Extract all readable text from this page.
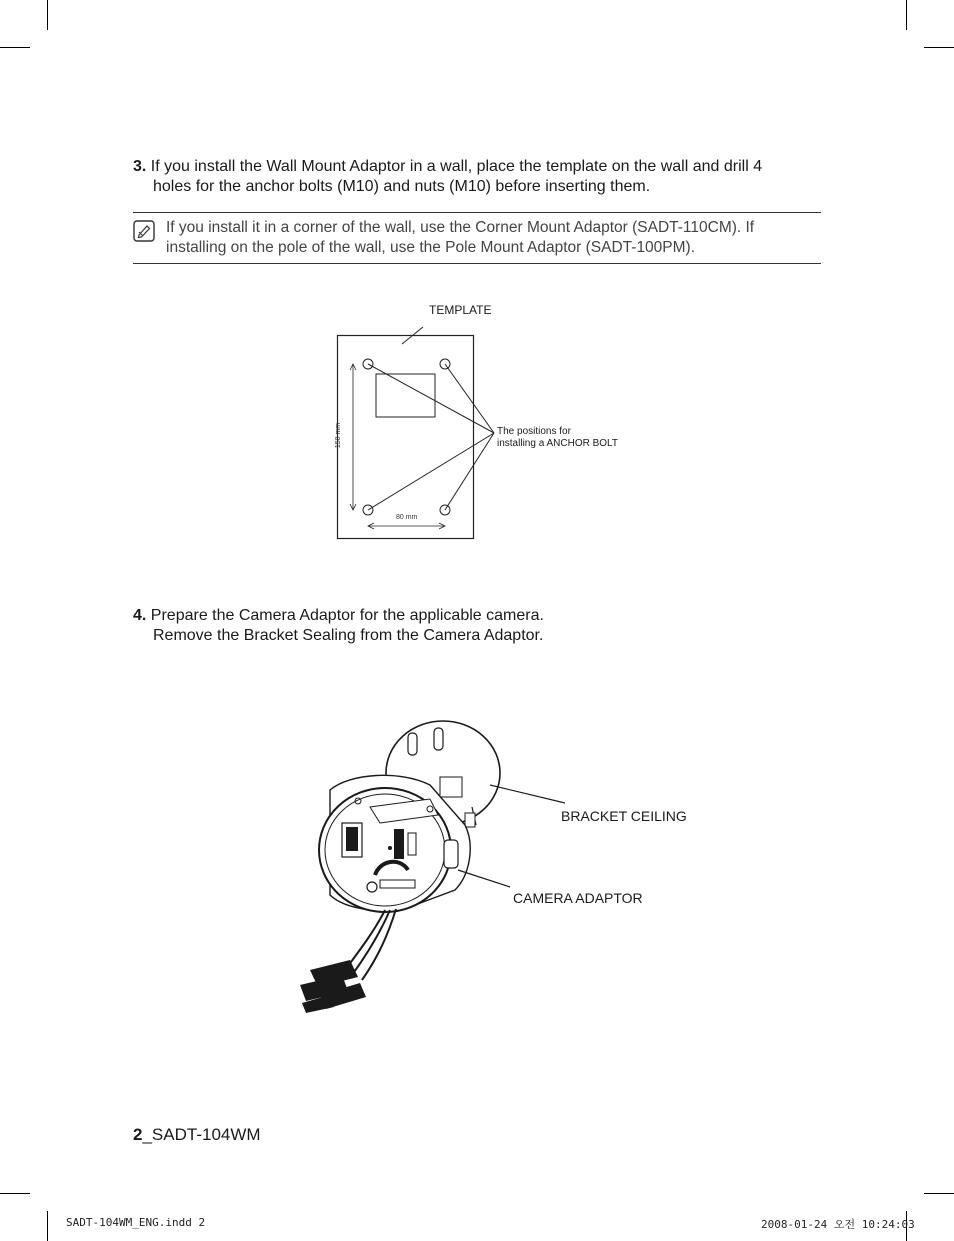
3. If you install the Wall Mount Adaptor in a wall, place the template on the wall and drill 4
holes for the anchor bolts (M10) and nuts (M10) before inserting them.
If you install it in a corner of the wall, use the Corner Mount Adaptor (SADT-110CM). If
installing on the pole of the wall, use the Pole Mount Adaptor (SADT-100PM).
TEMPLATE
The positions for
installing a ANCHOR BOLT
150 mm
80 mm
4. Prepare the Camera Adaptor for the applicable camera.
Remove the Bracket Sealing from the Camera Adaptor.
BRACKET CEILING
CAMERA ADAPTOR
2_SADT-104WM
SADT-104WM_ENG.indd 2	2008-01-24 오전 10:24:03
